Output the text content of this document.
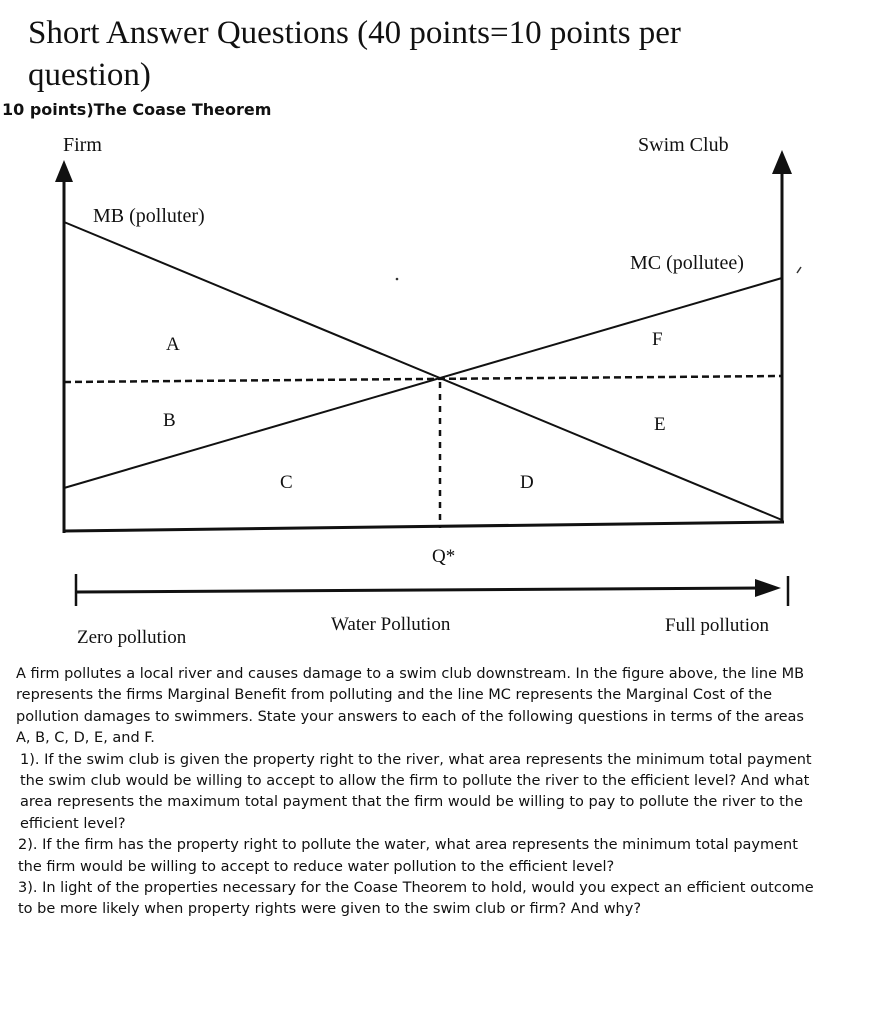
Short Answer Questions (40 points=10 points per question)
10 points)The Coase Theorem
Firm	Swim Club
MB (polluter)
MC (pollutee)
A
B
C	D
E
F
Q*
Zero pollution
Water Pollution	Full pollution

A firm pollutes a local river and causes damage to a swim club downstream. In the figure above, the line MB represents the firms Marginal Benefit from polluting and the line MC represents the Marginal Cost of the pollution damages to swimmers. State your answers to each of the following questions in terms of the areas A, B, C, D, E, and F.

1). If the swim club is given the property right to the river, what area represents the minimum total payment the swim club would be willing to accept to allow the firm to pollute the river to the efficient level? And what area represents the maximum total payment that the firm would be willing to pay to pollute the river to the efficient level?

2). If the firm has the property right to pollute the water, what area represents the minimum total payment the firm would be willing to accept to reduce water pollution to the efficient level?

3). In light of the properties necessary for the Coase Theorem to hold, would you expect an efficient outcome to be more likely when property rights were given to the swim club or firm? And why?
